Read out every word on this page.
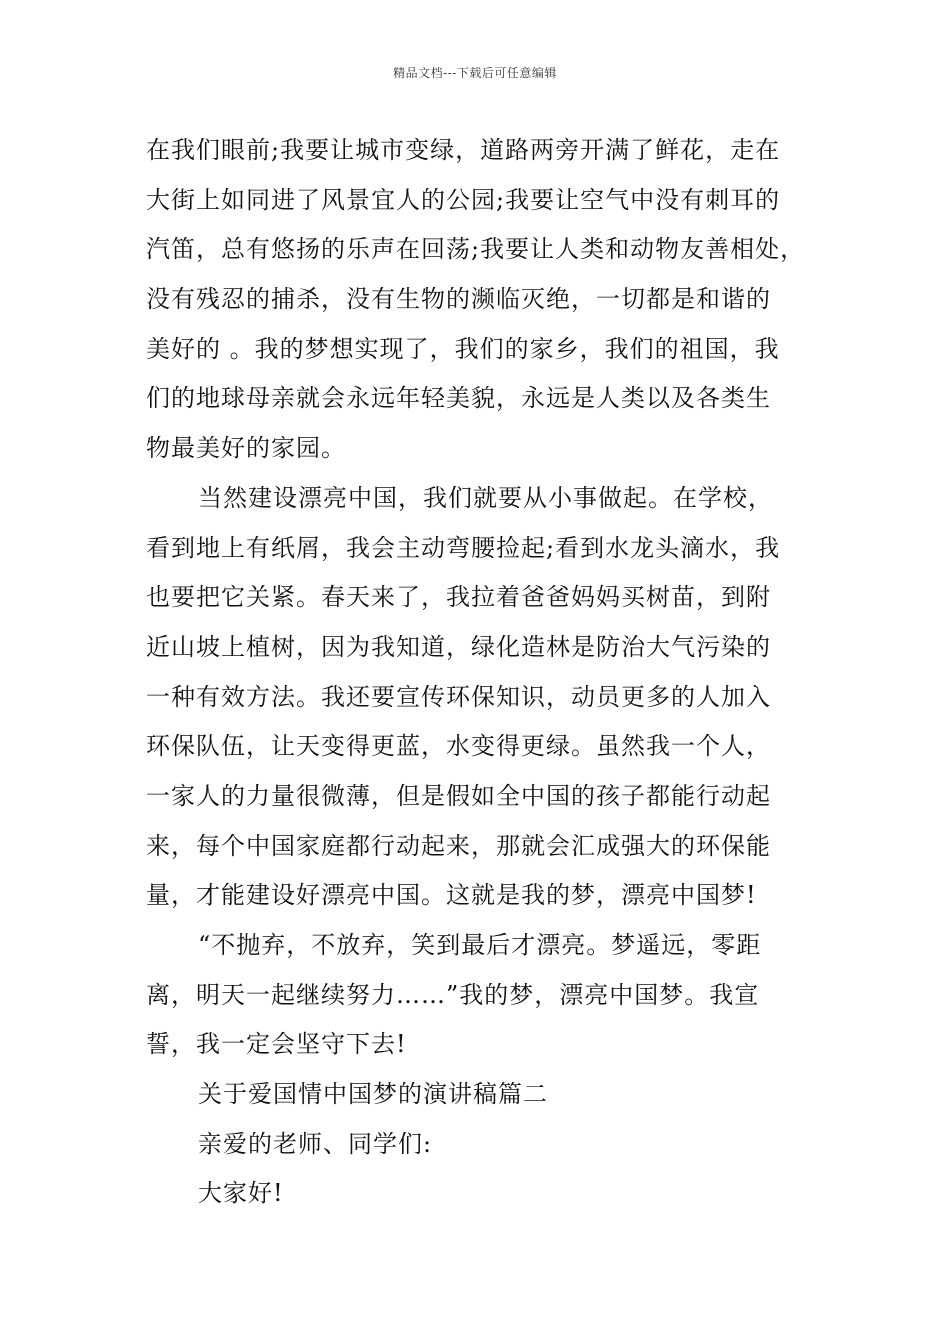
精品文档---下载后可任意编辑
在我们眼前;我要让城市变绿，道路两旁开满了鲜花，走在
大街上如同进了风景宜人的公园;我要让空气中没有刺耳的
汽笛，总有悠扬的乐声在回荡;我要让人类和动物友善相处，
没有残忍的捕杀，没有生物的濒临灭绝，一切都是和谐的
美好的 。我的梦想实现了，我们的家乡，我们的祖国，我
们的地球母亲就会永远年轻美貌，永远是人类以及各类生
物最美好的家园。
当然建设漂亮中国，我们就要从小事做起。在学校，
看到地上有纸屑，我会主动弯腰捡起;看到水龙头滴水，我
也要把它关紧。春天来了，我拉着爸爸妈妈买树苗，到附
近山坡上植树，因为我知道，绿化造林是防治大气污染的
一种有效方法。我还要宣传环保知识，动员更多的人加入
环保队伍，让天变得更蓝，水变得更绿。虽然我一个人，
一家人的力量很微薄，但是假如全中国的孩子都能行动起
来，每个中国家庭都行动起来，那就会汇成强大的环保能
量，才能建设好漂亮中国。这就是我的梦，漂亮中国梦!
“不抛弃，不放弃，笑到最后才漂亮。梦遥远，零距
离，明天一起继续努力……”我的梦，漂亮中国梦。我宣
誓，我一定会坚守下去!
关于爱国情中国梦的演讲稿篇二
亲爱的老师、同学们:
大家好!
